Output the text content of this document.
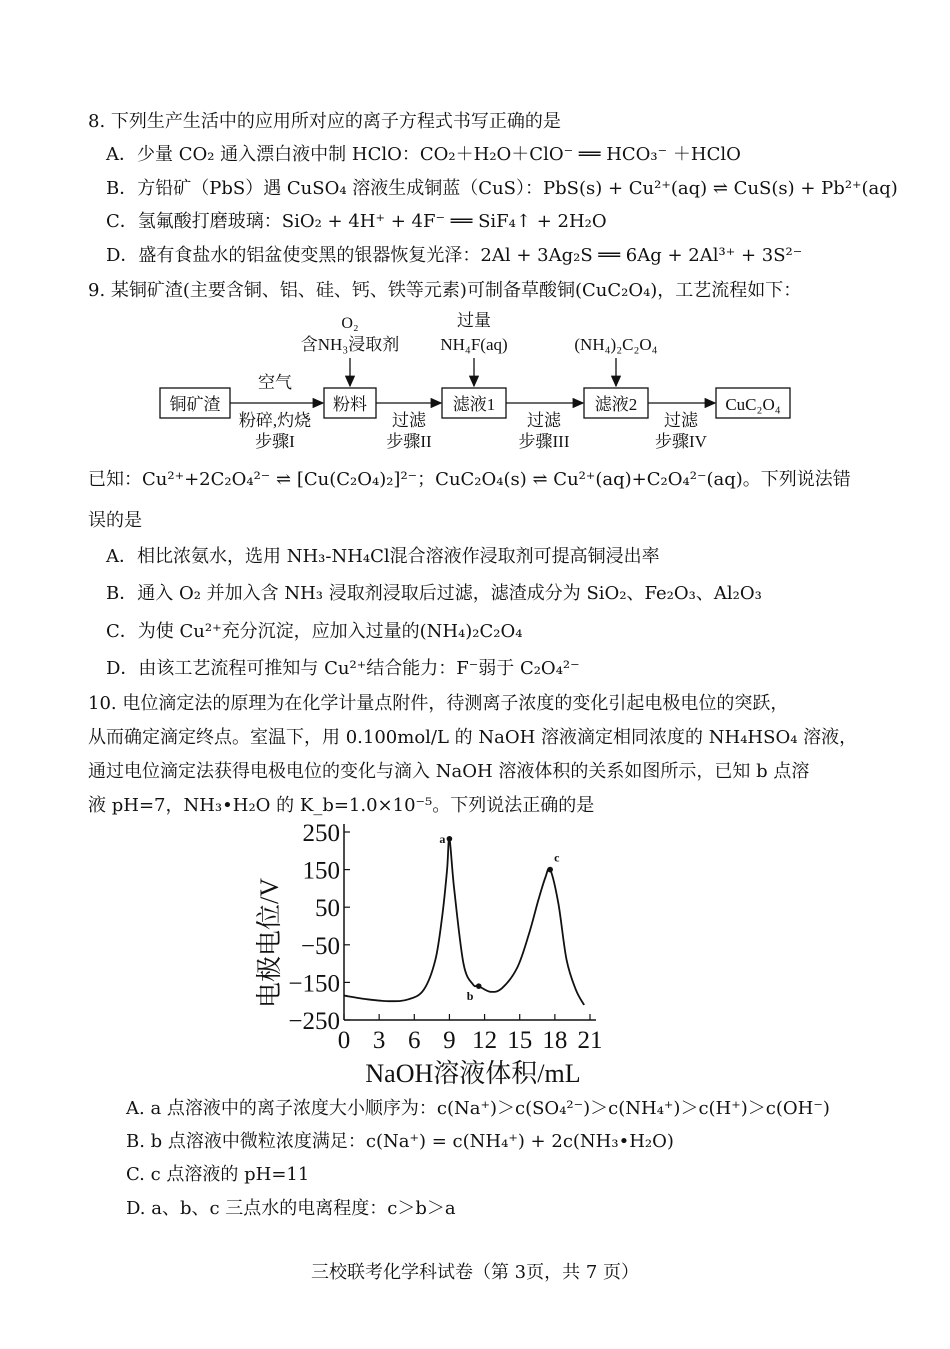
8. 下列生产生活中的应用所对应的离子方程式书写正确的是
A．少量 CO₂ 通入漂白液中制 HClO：CO₂＋H₂O＋ClO⁻ ══ HCO₃⁻ ＋HClO
B．方铅矿（PbS）遇 CuSO₄ 溶液生成铜蓝（CuS）：PbS(s) + Cu²⁺(aq) ⇌ CuS(s) + Pb²⁺(aq)
C．氢氟酸打磨玻璃：SiO₂ + 4H⁺ + 4F⁻ ══ SiF₄↑ + 2H₂O
D．盛有食盐水的铝盆使变黑的银器恢复光泽：2Al + 3Ag₂S ══ 6Ag + 2Al³⁺ + 3S²⁻
9. 某铜矿渣(主要含铜、铝、硅、钙、铁等元素)可制备草酸铜(CuC₂O₄)，工艺流程如下：
铜矿渣	粉料	滤液1	滤液2	CuC₂O₄
空气
O₂
含NH₃浸取剂
过量
NH₄F(aq)	(NH₄)₂C₂O₄
粉碎,灼烧
步骤I
过滤
步骤II
过滤
步骤III
过滤
步骤IV
已知：Cu²⁺+2C₂O₄²⁻ ⇌ [Cu(C₂O₄)₂]²⁻；CuC₂O₄(s) ⇌ Cu²⁺(aq)+C₂O₄²⁻(aq)。下列说法错
误的是
A．相比浓氨水，选用 NH₃-NH₄Cl混合溶液作浸取剂可提高铜浸出率
B．通入 O₂ 并加入含 NH₃ 浸取剂浸取后过滤，滤渣成分为 SiO₂、Fe₂O₃、Al₂O₃
C．为使 Cu²⁺充分沉淀，应加入过量的(NH₄)₂C₂O₄
D．由该工艺流程可推知与 Cu²⁺结合能力：F⁻弱于 C₂O₄²⁻
10. 电位滴定法的原理为在化学计量点附件，待测离子浓度的变化引起电极电位的突跃，
从而确定滴定终点。室温下，用 0.100mol/L 的 NaOH 溶液滴定相同浓度的 NH₄HSO₄ 溶液，
通过电位滴定法获得电极电位的变化与滴入 NaOH 溶液体积的关系如图所示，已知 b 点溶
液 pH=7，NH₃•H₂O 的 K_b=1.0×10⁻⁵。下列说法正确的是
250
150
50
−50
−150
−250
0 3 6 9 12 15 18 21
a
b
c
电极电位/V
NaOH溶液体积/mL
A. a 点溶液中的离子浓度大小顺序为：c(Na⁺)＞c(SO₄²⁻)＞c(NH₄⁺)＞c(H⁺)＞c(OH⁻)
B. b 点溶液中微粒浓度满足：c(Na⁺) = c(NH₄⁺) + 2c(NH₃•H₂O)
C. c 点溶液的 pH=11
D. a、b、c 三点水的电离程度：c＞b＞a
三校联考化学科试卷（第 3页，共 7 页）
